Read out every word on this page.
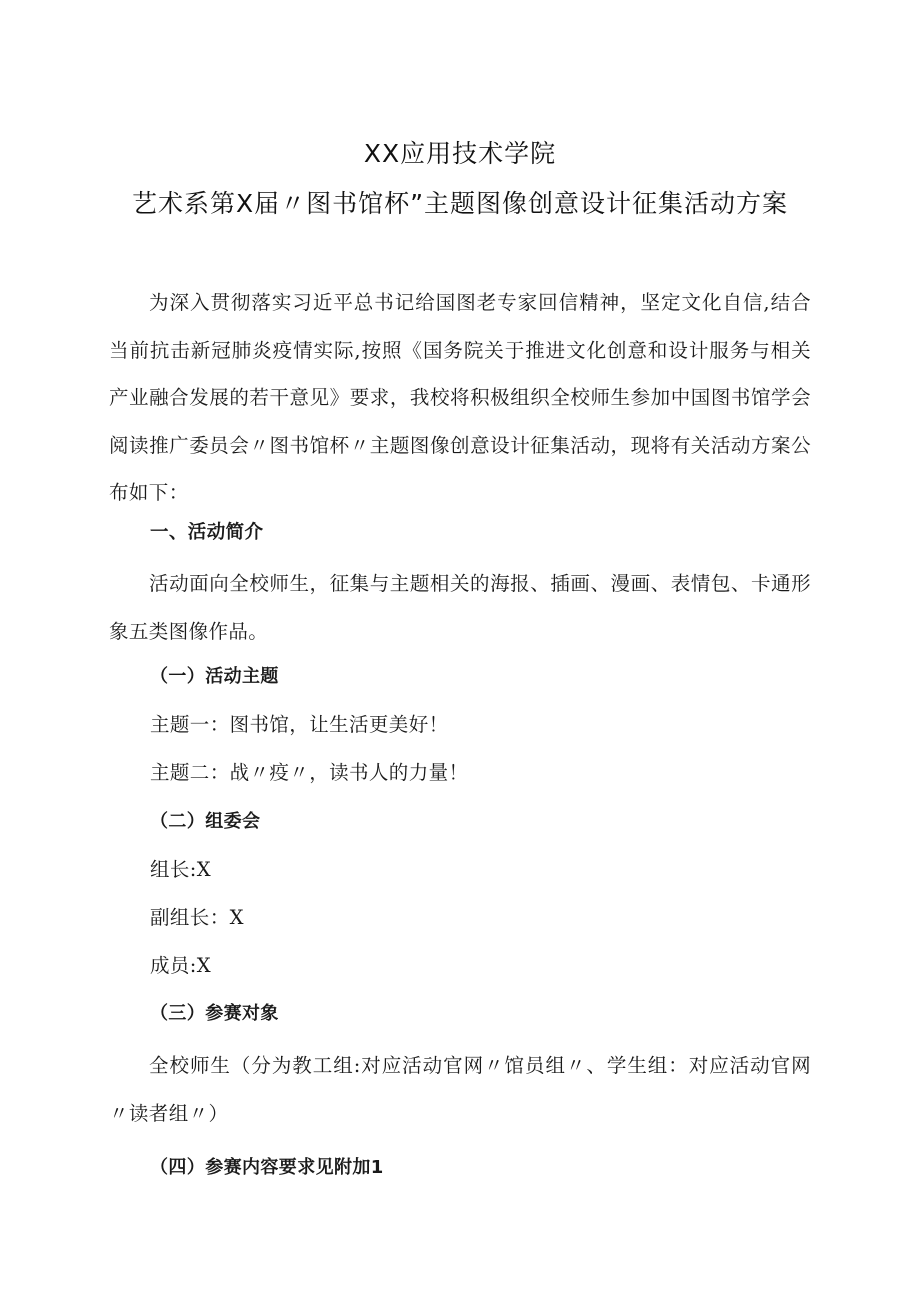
XX应用技术学院
艺术系第X届〃图书馆杯”主题图像创意设计征集活动方案

为深入贯彻落实习近平总书记给国图老专家回信精神，坚定文化自信,结合当前抗击新冠肺炎疫情实际,按照《国务院关于推进文化创意和设计服务与相关产业融合发展的若干意见》要求，我校将积极组织全校师生参加中国图书馆学会阅读推广委员会〃图书馆杯〃主题图像创意设计征集活动，现将有关活动方案公布如下：

一、活动简介

活动面向全校师生，征集与主题相关的海报、插画、漫画、表情包、卡通形象五类图像作品。

（一）活动主题
主题一：图书馆，让生活更美好！
主题二：战〃疫〃，读书人的力量！
（二）组委会
组长:X
副组长：X
成员:X
（三）参赛对象

全校师生（分为教工组:对应活动官网〃馆员组〃、学生组：对应活动官网〃读者组〃）

（四）参赛内容要求见附加1
